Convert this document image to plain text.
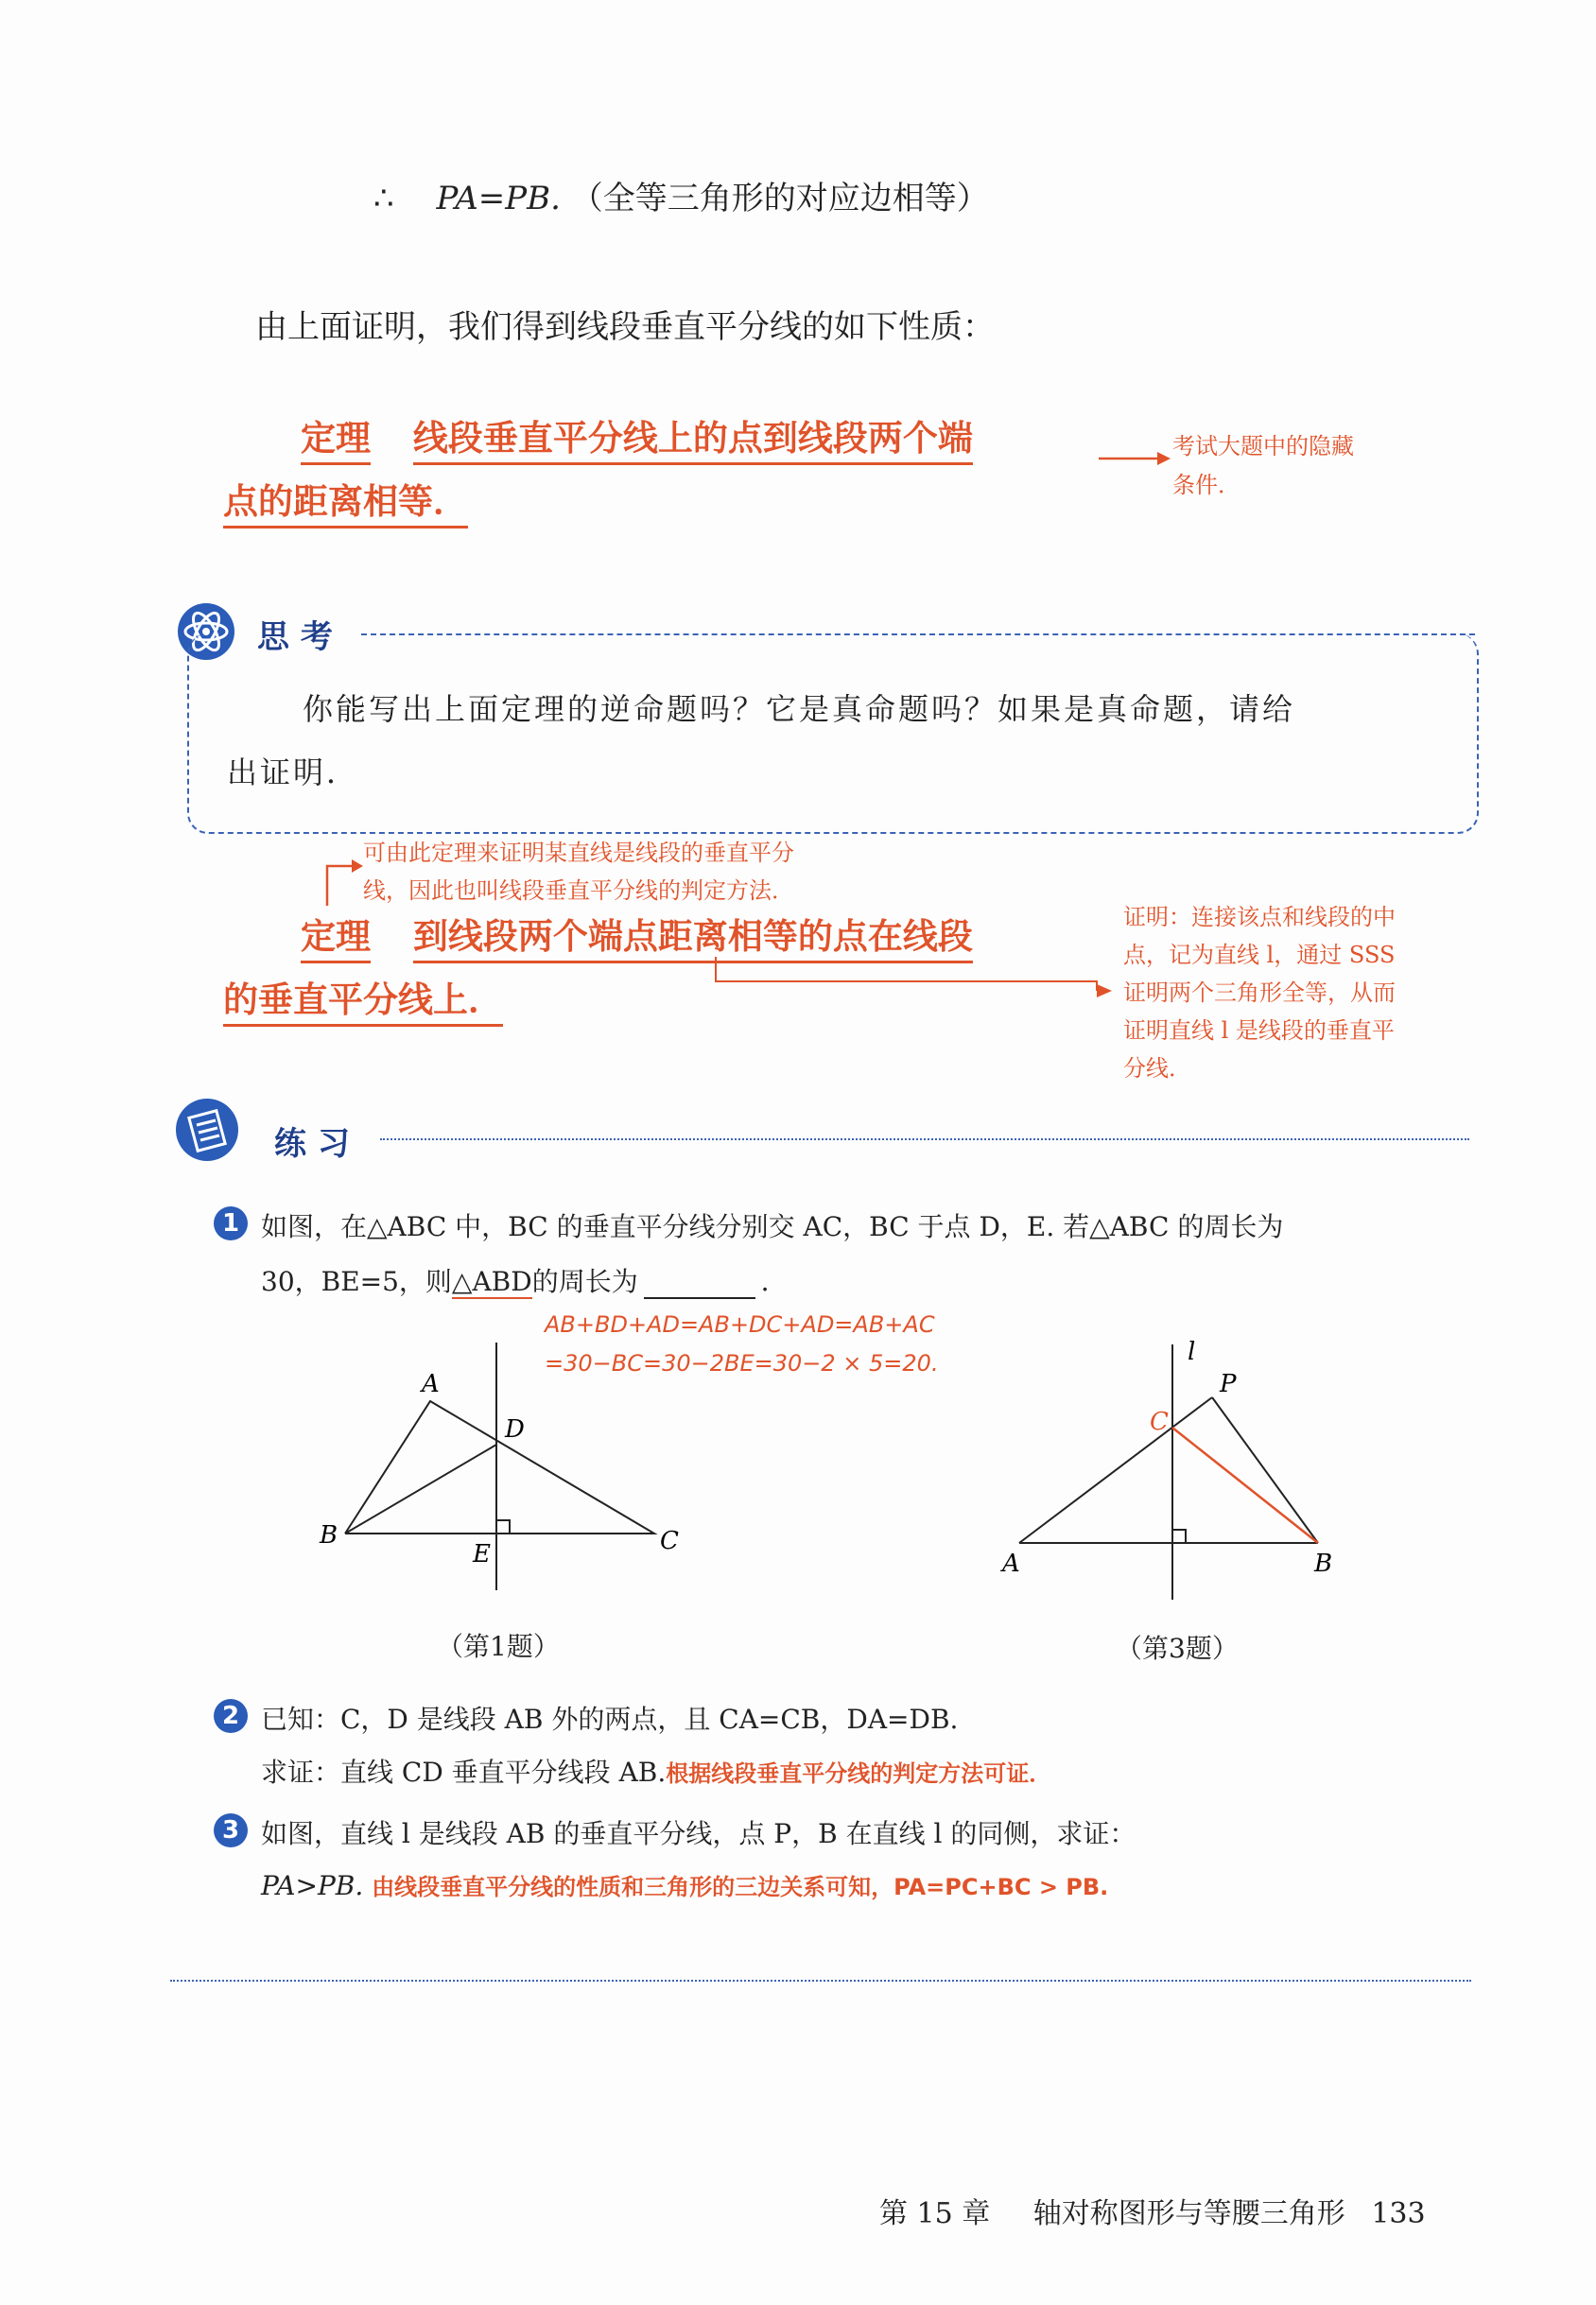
∴ PA=PB. （全等三角形的对应边相等）
由上面证明，我们得到线段垂直平分线的如下性质：
定理 线段垂直平分线上的点到线段两个端
点的距离相等．
考试大题中的隐藏
条件．
思 考
你能写出上面定理的逆命题吗？它是真命题吗？如果是真命题，请给
出证明．
可由此定理来证明某直线是线段的垂直平分
线，因此也叫线段垂直平分线的判定方法．
定理 到线段两个端点距离相等的点在线段
的垂直平分线上．
证明：连接该点和线段的中
点，记为直线 l，通过 SSS
证明两个三角形全等，从而
证明直线 l 是线段的垂直平
分线．
练 习
1 如图，在△ABC 中，BC 的垂直平分线分别交 AC，BC 于点 D，E. 若△ABC 的周长为
30，BE=5，则△ABD的周长为	．
AB+BD+AD=AB+DC+AD=AB+AC
=30−BC=30−2BE=30−2 × 5=20.
A
B	C
D
E
（第1题）
l
P
C
A	B
（第3题）
2 已知：C，D 是线段 AB 外的两点，且 CA=CB，DA=DB.
求证：直线 CD 垂直平分线段 AB.根据线段垂直平分线的判定方法可证．
3 如图，直线 l 是线段 AB 的垂直平分线，点 P，B 在直线 l 的同侧，求证：
PA>PB. 由线段垂直平分线的性质和三角形的三边关系可知，PA=PC+BC > PB.
第 15 章 轴对称图形与等腰三角形 133
